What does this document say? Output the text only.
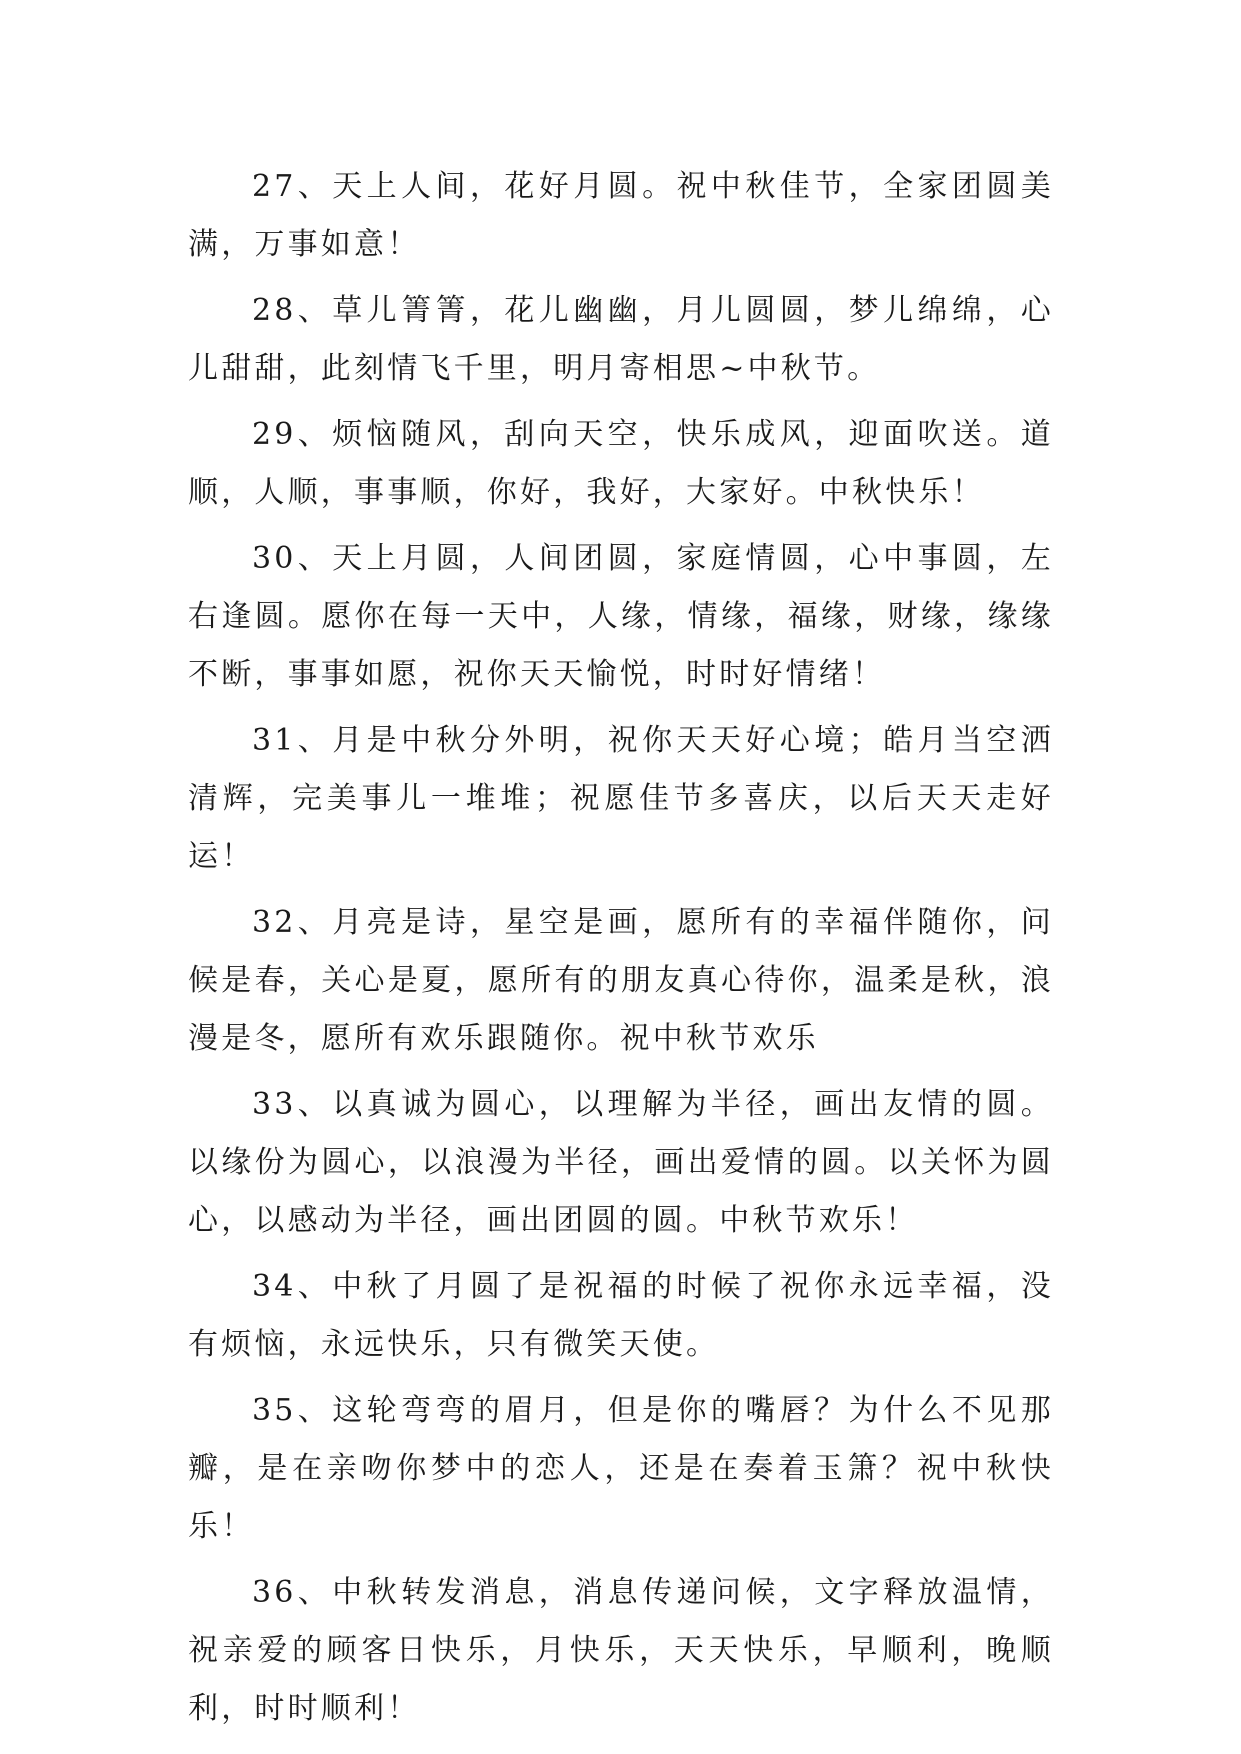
27、天上人间，花好月圆。祝中秋佳节，全家团圆美满，万事如意！

28、草儿箐箐，花儿幽幽，月儿圆圆，梦儿绵绵，心儿甜甜，此刻情飞千里，明月寄相思~中秋节。

29、烦恼随风，刮向天空，快乐成风，迎面吹送。道顺，人顺，事事顺，你好，我好，大家好。中秋快乐！

30、天上月圆，人间团圆，家庭情圆，心中事圆，左右逢圆。愿你在每一天中，人缘，情缘，福缘，财缘，缘缘不断，事事如愿，祝你天天愉悦，时时好情绪！

31、月是中秋分外明，祝你天天好心境；皓月当空洒清辉，完美事儿一堆堆；祝愿佳节多喜庆，以后天天走好运！

32、月亮是诗，星空是画，愿所有的幸福伴随你，问候是春，关心是夏，愿所有的朋友真心待你，温柔是秋，浪漫是冬，愿所有欢乐跟随你。祝中秋节欢乐

33、以真诚为圆心，以理解为半径，画出友情的圆。以缘份为圆心，以浪漫为半径，画出爱情的圆。以关怀为圆心，以感动为半径，画出团圆的圆。中秋节欢乐！

34、中秋了月圆了是祝福的时候了祝你永远幸福，没有烦恼，永远快乐，只有微笑天使。

35、这轮弯弯的眉月，但是你的嘴唇？为什么不见那瓣，是在亲吻你梦中的恋人，还是在奏着玉箫？祝中秋快乐！

36、中秋转发消息，消息传递问候，文字释放温情，祝亲爱的顾客日快乐，月快乐，天天快乐，早顺利，晚顺利，时时顺利！
